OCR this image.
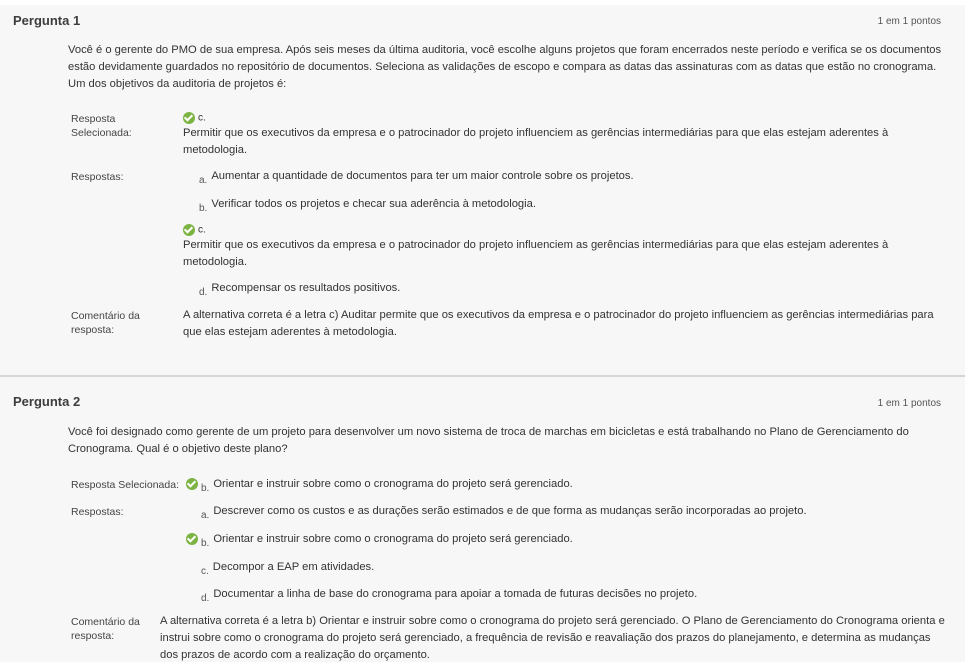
Pergunta 1	1 em 1 pontos
Você é o gerente do PMO de sua empresa. Após seis meses da última auditoria, você escolhe alguns projetos que foram encerrados neste período e verifica se os documentos estão devidamente guardados no repositório de documentos. Seleciona as validações de escopo e compara as datas das assinaturas com as datas que estão no cronograma. Um dos objetivos da auditoria de projetos é:
Resposta Selecionada:
c.
Permitir que os executivos da empresa e o patrocinador do projeto influenciem as gerências intermediárias para que elas estejam aderentes à metodologia.
Respostas:	a. Aumentar a quantidade de documentos para ter um maior controle sobre os projetos.
b. Verificar todos os projetos e checar sua aderência à metodologia.
c.
Permitir que os executivos da empresa e o patrocinador do projeto influenciem as gerências intermediárias para que elas estejam aderentes à metodologia.
d. Recompensar os resultados positivos.
Comentário da resposta:
A alternativa correta é a letra c) Auditar permite que os executivos da empresa e o patrocinador do projeto influenciem as gerências intermediárias para que elas estejam aderentes à metodologia.
Pergunta 2	1 em 1 pontos
Você foi designado como gerente de um projeto para desenvolver um novo sistema de troca de marchas em bicicletas e está trabalhando no Plano de Gerenciamento do Cronograma. Qual é o objetivo deste plano?
Resposta Selecionada:	b. Orientar e instruir sobre como o cronograma do projeto será gerenciado.
Respostas:	a. Descrever como os custos e as durações serão estimados e de que forma as mudanças serão incorporadas ao projeto.
b. Orientar e instruir sobre como o cronograma do projeto será gerenciado.
c. Decompor a EAP em atividades.
d. Documentar a linha de base do cronograma para apoiar a tomada de futuras decisões no projeto.
Comentário da resposta:
A alternativa correta é a letra b) Orientar e instruir sobre como o cronograma do projeto será gerenciado. O Plano de Gerenciamento do Cronograma orienta e instrui sobre como o cronograma do projeto será gerenciado, a frequência de revisão e reavaliação dos prazos do planejamento, e determina as mudanças dos prazos de acordo com a realização do orçamento.
